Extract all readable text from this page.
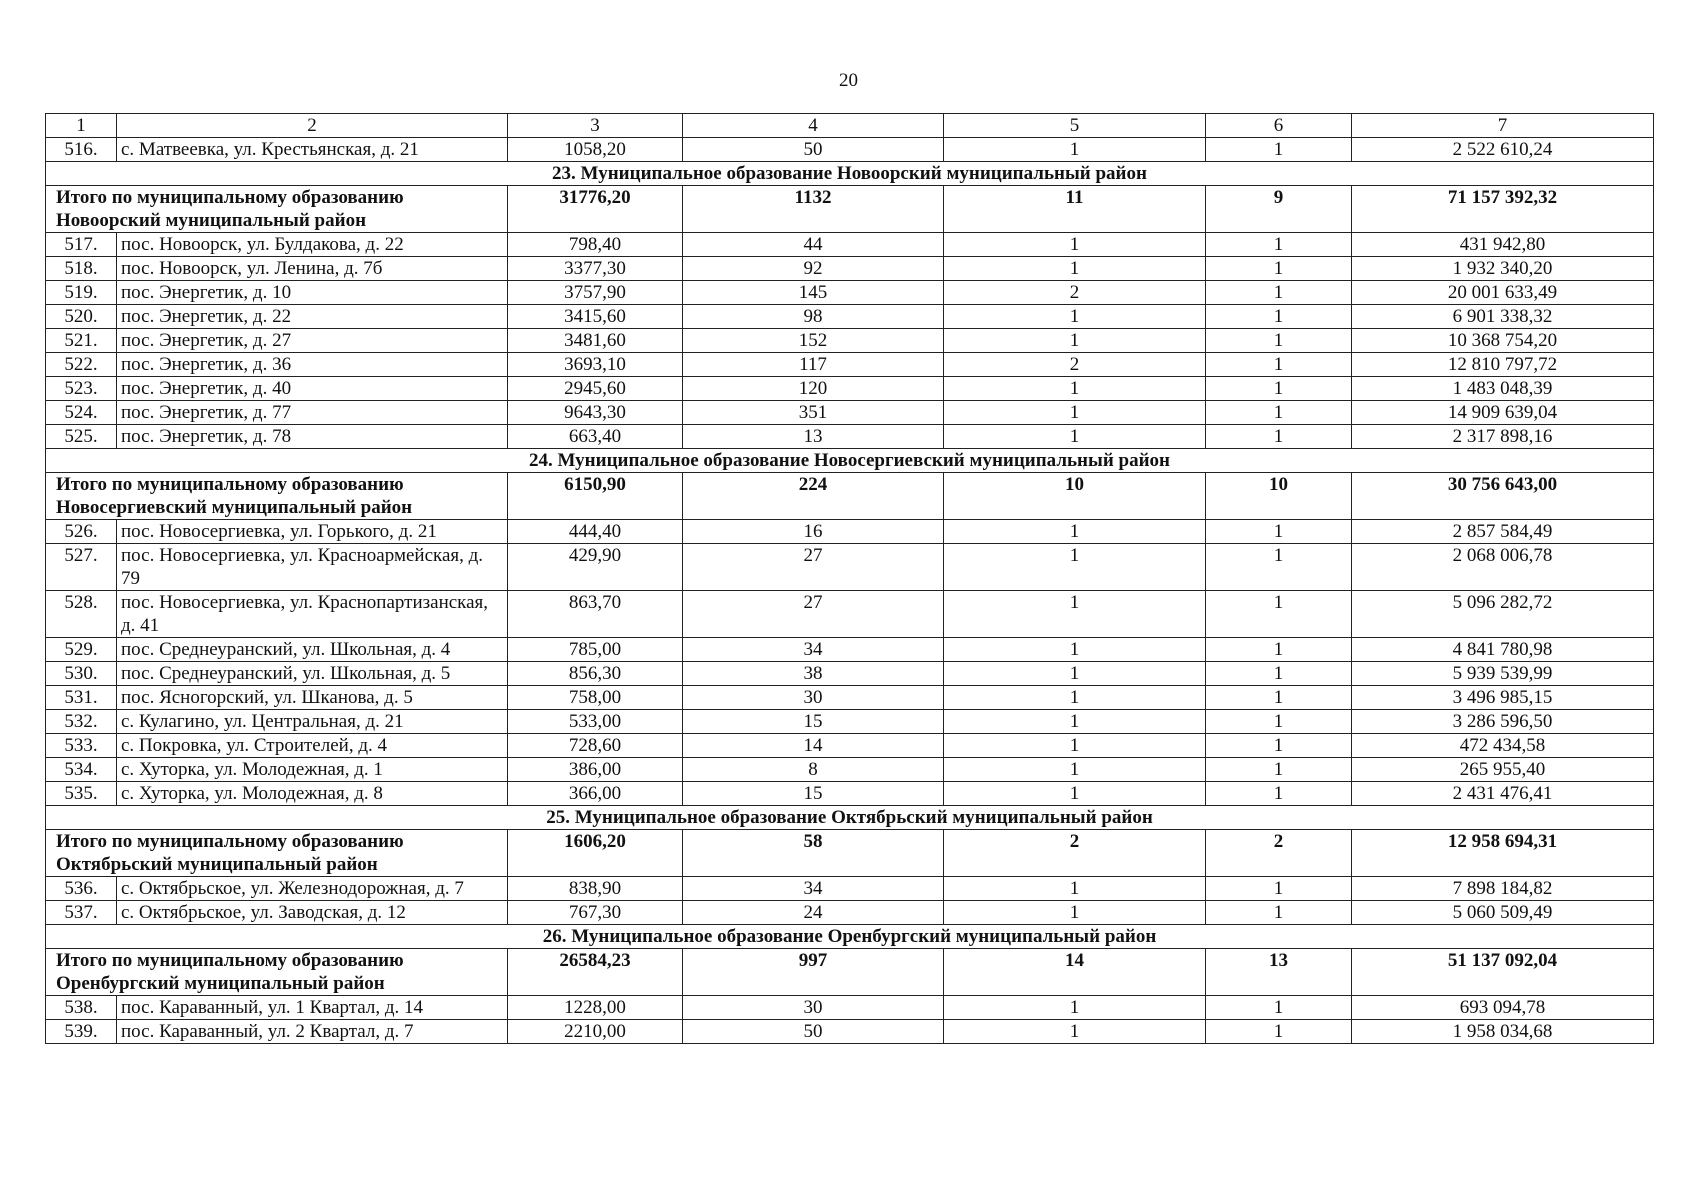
20
1	2	3	4	5	6	7
516.	с. Матвеевка, ул. Крестьянская, д. 21	1058,20	50	1	1	2 522 610,24
23. Муниципальное образование Новоорский муниципальный район						
Итого по муниципальному образованию Новоорский муниципальный район		31776,20	1132	11	9	71 157 392,32
517.	пос. Новоорск, ул. Булдакова, д. 22	798,40	44	1	1	431 942,80
518.	пос. Новоорск, ул. Ленина, д. 7б	3377,30	92	1	1	1 932 340,20
519.	пос. Энергетик, д. 10	3757,90	145	2	1	20 001 633,49
520.	пос. Энергетик, д. 22	3415,60	98	1	1	6 901 338,32
521.	пос. Энергетик, д. 27	3481,60	152	1	1	10 368 754,20
522.	пос. Энергетик, д. 36	3693,10	117	2	1	12 810 797,72
523.	пос. Энергетик, д. 40	2945,60	120	1	1	1 483 048,39
524.	пос. Энергетик, д. 77	9643,30	351	1	1	14 909 639,04
525.	пос. Энергетик, д. 78	663,40	13	1	1	2 317 898,16
24. Муниципальное образование Новосергиевский муниципальный район						
Итого по муниципальному образованию Новосергиевский муниципальный район		6150,90	224	10	10	30 756 643,00
526.	пос. Новосергиевка, ул. Горького, д. 21	444,40	16	1	1	2 857 584,49
527.	пос. Новосергиевка, ул. Красноармейская, д. 79	429,90	27	1	1	2 068 006,78
528.	пос. Новосергиевка, ул. Краснопартизанская, д. 41	863,70	27	1	1	5 096 282,72
529.	пос. Среднеуранский, ул. Школьная, д. 4	785,00	34	1	1	4 841 780,98
530.	пос. Среднеуранский, ул. Школьная, д. 5	856,30	38	1	1	5 939 539,99
531.	пос. Ясногорский, ул. Шканова, д. 5	758,00	30	1	1	3 496 985,15
532.	с. Кулагино, ул. Центральная, д. 21	533,00	15	1	1	3 286 596,50
533.	с. Покровка, ул. Строителей, д. 4	728,60	14	1	1	472 434,58
534.	с. Хуторка, ул. Молодежная, д. 1	386,00	8	1	1	265 955,40
535.	с. Хуторка, ул. Молодежная, д. 8	366,00	15	1	1	2 431 476,41
25. Муниципальное образование Октябрьский муниципальный район						
Итого по муниципальному образованию Октябрьский муниципальный район		1606,20	58	2	2	12 958 694,31
536.	с. Октябрьское, ул. Железнодорожная, д. 7	838,90	34	1	1	7 898 184,82
537.	с. Октябрьское, ул. Заводская, д. 12	767,30	24	1	1	5 060 509,49
26. Муниципальное образование Оренбургский муниципальный район						
Итого по муниципальному образованию Оренбургский муниципальный район		26584,23	997	14	13	51 137 092,04
538.	пос. Караванный, ул. 1 Квартал, д. 14	1228,00	30	1	1	693 094,78
539.	пос. Караванный, ул. 2 Квартал, д. 7	2210,00	50	1	1	1 958 034,68
